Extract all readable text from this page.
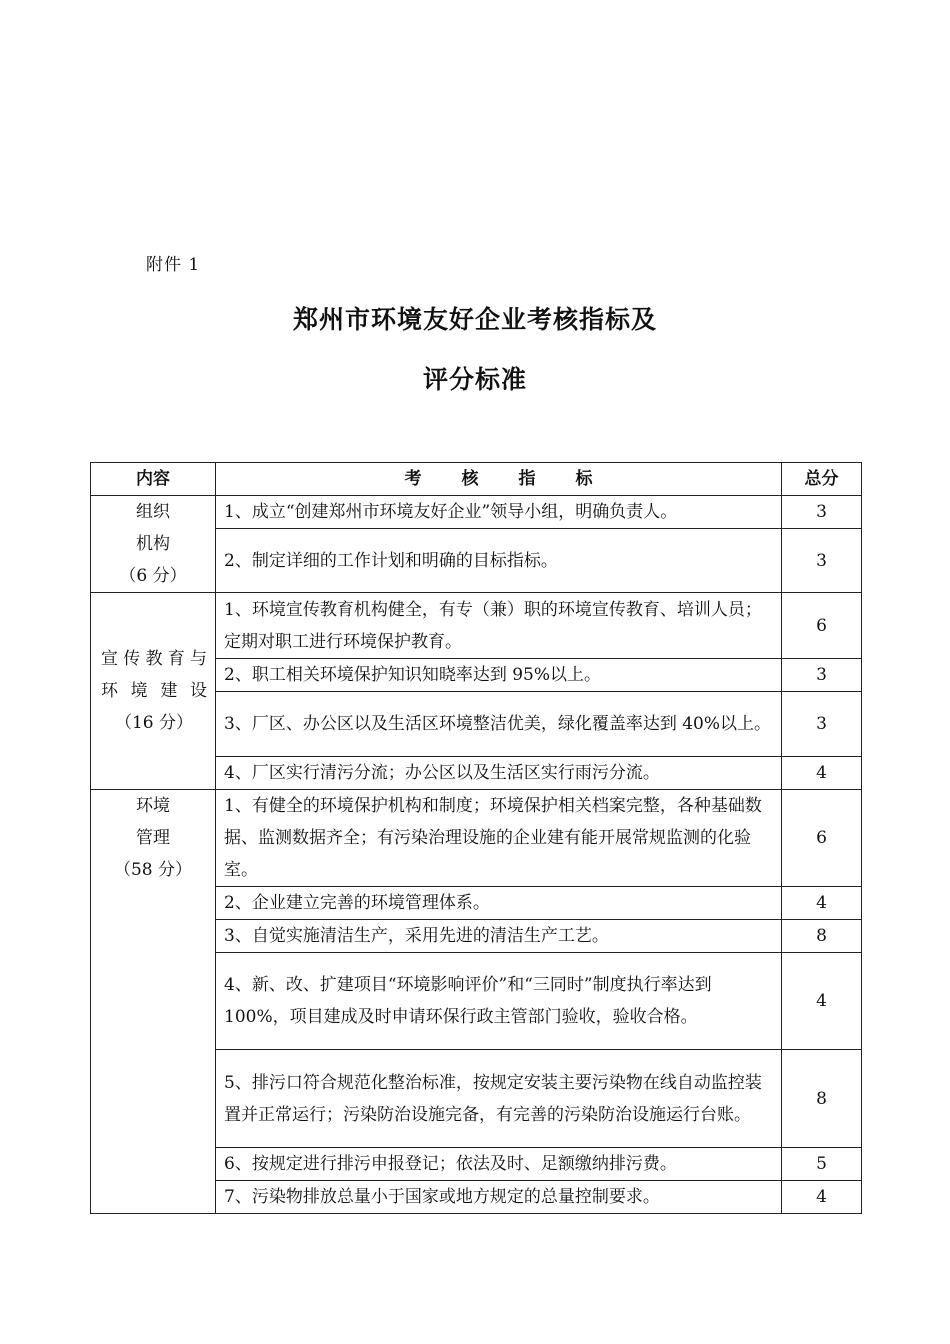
附件 1
郑州市环境友好企业考核指标及
评分标准
内容	考 核 指 标	总分

组织
机构
（6 分）	1、成立“创建郑州市环境友好企业”领导小组，明确负责人。	3
	2、制定详细的工作计划和明确的目标指标。	3

宣传教育与
环 境 建 设
（16 分）	1、环境宣传教育机构健全，有专（兼）职的环境宣传教育、培训人员；定期对职工进行环境保护教育。	6
	2、职工相关环境保护知识知晓率达到 95%以上。	3
	3、厂区、办公区以及生活区环境整洁优美，绿化覆盖率达到 40%以上。	3
	4、厂区实行清污分流；办公区以及生活区实行雨污分流。	4

环境
管理
（58 分）	1、有健全的环境保护机构和制度；环境保护相关档案完整，各种基础数据、监测数据齐全；有污染治理设施的企业建有能开展常规监测的化验室。	6
	2、企业建立完善的环境管理体系。	4
	3、自觉实施清洁生产，采用先进的清洁生产工艺。	8
	4、新、改、扩建项目“环境影响评价”和“三同时”制度执行率达到 100%，项目建成及时申请环保行政主管部门验收，验收合格。	4
	5、排污口符合规范化整治标准，按规定安装主要污染物在线自动监控装置并正常运行；污染防治设施完备，有完善的污染防治设施运行台账。	8
	6、按规定进行排污申报登记；依法及时、足额缴纳排污费。	5
	7、污染物排放总量小于国家或地方规定的总量控制要求。	4
